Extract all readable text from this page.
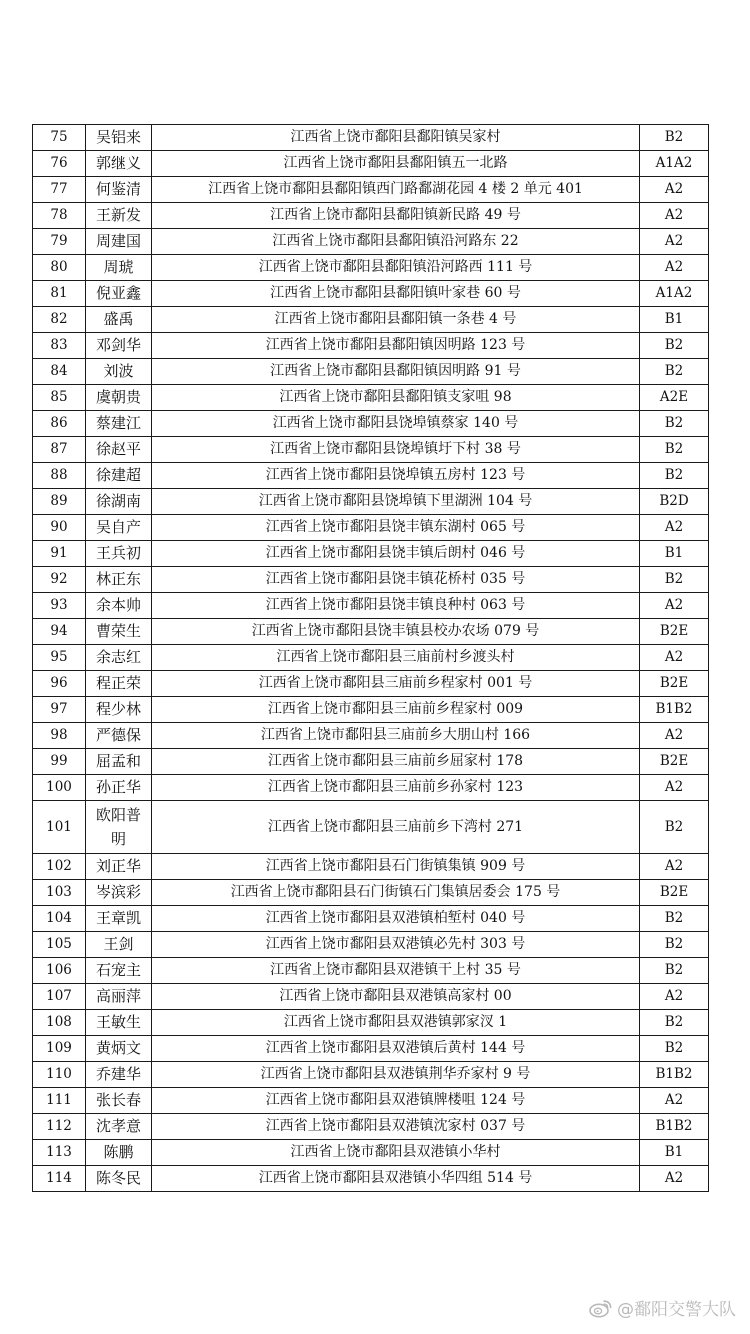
75	吴铝来	江西省上饶市鄱阳县鄱阳镇吴家村	B2
76	郭继义	江西省上饶市鄱阳县鄱阳镇五一北路	A1A2
77	何鉴清	江西省上饶市鄱阳县鄱阳镇西门路鄱湖花园 4 楼 2 单元 401	A2
78	王新发	江西省上饶市鄱阳县鄱阳镇新民路 49 号	A2
79	周建国	江西省上饶市鄱阳县鄱阳镇沿河路东 22	A2
80	周琥	江西省上饶市鄱阳县鄱阳镇沿河路西 111 号	A2
81	倪亚鑫	江西省上饶市鄱阳县鄱阳镇叶家巷 60 号	A1A2
82	盛禹	江西省上饶市鄱阳县鄱阳镇一条巷 4 号	B1
83	邓剑华	江西省上饶市鄱阳县鄱阳镇因明路 123 号	B2
84	刘波	江西省上饶市鄱阳县鄱阳镇因明路 91 号	B2
85	虞朝贵	江西省上饶市鄱阳县鄱阳镇支家咀 98	A2E
86	蔡建江	江西省上饶市鄱阳县饶埠镇蔡家 140 号	B2
87	徐赵平	江西省上饶市鄱阳县饶埠镇圩下村 38 号	B2
88	徐建超	江西省上饶市鄱阳县饶埠镇五房村 123 号	B2
89	徐湖南	江西省上饶市鄱阳县饶埠镇下里湖洲 104 号	B2D
90	吴自产	江西省上饶市鄱阳县饶丰镇东湖村 065 号	A2
91	王兵初	江西省上饶市鄱阳县饶丰镇后朗村 046 号	B1
92	林正东	江西省上饶市鄱阳县饶丰镇花桥村 035 号	B2
93	余本帅	江西省上饶市鄱阳县饶丰镇良种村 063 号	A2
94	曹荣生	江西省上饶市鄱阳县饶丰镇县校办农场 079 号	B2E
95	余志红	江西省上饶市鄱阳县三庙前村乡渡头村	A2
96	程正荣	江西省上饶市鄱阳县三庙前乡程家村 001 号	B2E
97	程少林	江西省上饶市鄱阳县三庙前乡程家村 009	B1B2
98	严德保	江西省上饶市鄱阳县三庙前乡大朋山村 166	A2
99	屈孟和	江西省上饶市鄱阳县三庙前乡屈家村 178	B2E
100	孙正华	江西省上饶市鄱阳县三庙前乡孙家村 123	A2
101	欧阳普明	江西省上饶市鄱阳县三庙前乡下湾村 271	B2
102	刘正华	江西省上饶市鄱阳县石门街镇集镇 909 号	A2
103	岑滨彩	江西省上饶市鄱阳县石门街镇石门集镇居委会 175 号	B2E
104	王章凯	江西省上饶市鄱阳县双港镇柏堑村 040 号	B2
105	王剑	江西省上饶市鄱阳县双港镇必先村 303 号	B2
106	石宠主	江西省上饶市鄱阳县双港镇干上村 35 号	B2
107	高丽萍	江西省上饶市鄱阳县双港镇高家村 00	A2
108	王敏生	江西省上饶市鄱阳县双港镇郭家汊 1	B2
109	黄炳文	江西省上饶市鄱阳县双港镇后黄村 144 号	B2
110	乔建华	江西省上饶市鄱阳县双港镇荆华乔家村 9 号	B1B2
111	张长春	江西省上饶市鄱阳县双港镇牌楼咀 124 号	A2
112	沈孝意	江西省上饶市鄱阳县双港镇沈家村 037 号	B1B2
113	陈鹏	江西省上饶市鄱阳县双港镇小华村	B1
114	陈冬民	江西省上饶市鄱阳县双港镇小华四组 514 号	A2
@鄱阳交警大队
